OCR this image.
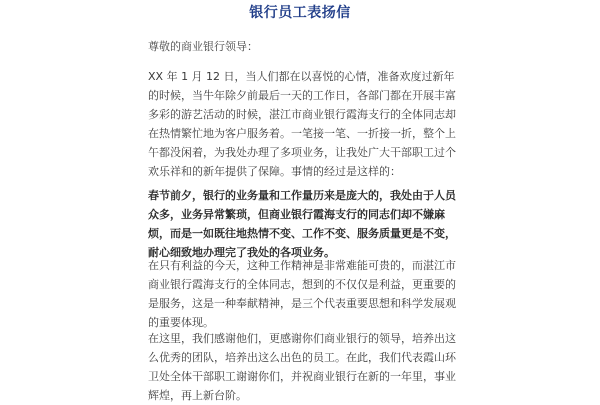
银行员工表扬信
尊敬的商业银行领导：

XX 年 1 月 12 日，当人们都在以喜悦的心情，准备欢度过新年的时候，当牛年除夕前最后一天的工作日，各部门都在开展丰富多彩的游艺活动的时候，湛江市商业银行霞海支行的全体同志却在热情繁忙地为客户服务着。一笔接一笔、一折接一折，整个上午都没闲着，为我处办理了多项业务，让我处广大干部职工过个欢乐祥和的新年提供了保障。事情的经过是这样的：

春节前夕，银行的业务量和工作量历来是庞大的，我处由于人员众多，业务异常繁琐，但商业银行霞海支行的同志们却不嫌麻烦，而是一如既往地热情不变、工作不变、服务质量更是不变，耐心细致地办理完了我处的各项业务。

在只有利益的今天，这种工作精神是非常难能可贵的，而湛江市商业银行霞海支行的全体同志，想到的不仅仅是利益，更重要的是服务，这是一种奉献精神，是三个代表重要思想和科学发展观的重要体现。

在这里，我们感谢他们，更感谢你们商业银行的领导，培养出这么优秀的团队，培养出这么出色的员工。在此，我们代表霞山环卫处全体干部职工谢谢你们，并祝商业银行在新的一年里，事业辉煌，再上新台阶。
